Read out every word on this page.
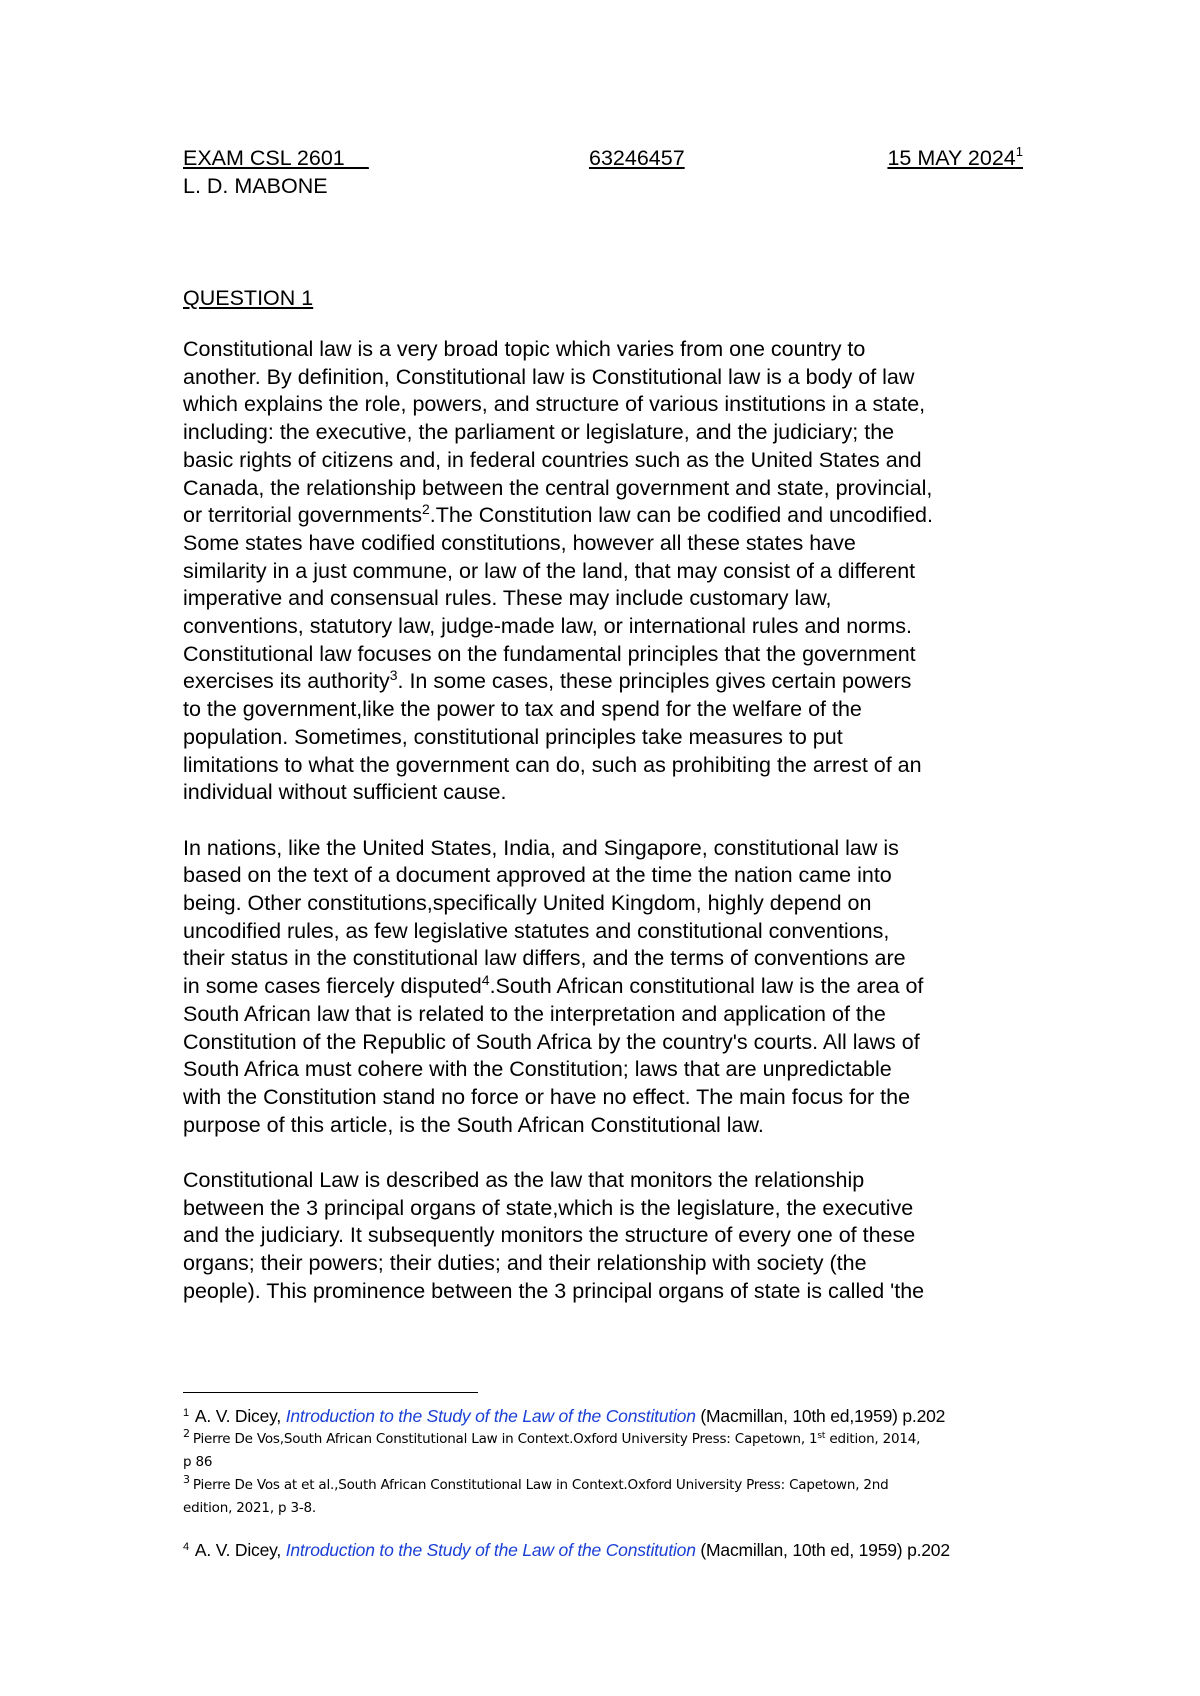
EXAM CSL 2601__	63246457	15 MAY 2024$^1$
L. D. MABONE
QUESTION 1

Constitutional law is a very broad topic which varies from one country to
another. By definition, Constitutional law is Constitutional law is a body of law
which explains the role, powers, and structure of various institutions in a state,
including: the executive, the parliament or legislature, and the judiciary; the
basic rights of citizens and, in federal countries such as the United States and
Canada, the relationship between the central government and state, provincial,
or territorial governments$^2$.The Constitution law can be codified and uncodified.
Some states have codified constitutions, however all these states have
similarity in a just commune, or law of the land, that may consist of a different
imperative and consensual rules. These may include customary law,
conventions, statutory law, judge-made law, or international rules and norms.
Constitutional law focuses on the fundamental principles that the government
exercises its authority$^3$. In some cases, these principles gives certain powers
to the government,like the power to tax and spend for the welfare of the
population. Sometimes, constitutional principles take measures to put
limitations to what the government can do, such as prohibiting the arrest of an
individual without sufficient cause.

In nations, like the United States, India, and Singapore, constitutional law is
based on the text of a document approved at the time the nation came into
being. Other constitutions,specifically United Kingdom, highly depend on
uncodified rules, as few legislative statutes and constitutional conventions,
their status in the constitutional law differs, and the terms of conventions are
in some cases fiercely disputed$^4$.South African constitutional law is the area of
South African law that is related to the interpretation and application of the
Constitution of the Republic of South Africa by the country's courts. All laws of
South Africa must cohere with the Constitution; laws that are unpredictable
with the Constitution stand no force or have no effect. The main focus for the
purpose of this article, is the South African Constitutional law.

Constitutional Law is described as the law that monitors the relationship
between the 3 principal organs of state,which is the legislature, the executive
and the judiciary. It subsequently monitors the structure of every one of these
organs; their powers; their duties; and their relationship with society (the
people). This prominence between the 3 principal organs of state is called 'the

$^1$ A. V. Dicey, Introduction to the Study of the Law of the Constitution (Macmillan, 10th ed,1959) p.202
$^2$ Pierre De Vos,South African Constitutional Law in Context.Oxford University Press: Capetown, 1st edition, 2014,
p 86
$^3$ Pierre De Vos at et al.,South African Constitutional Law in Context.Oxford University Press: Capetown, 2nd
edition, 2021, p 3-8.
$^4$ A. V. Dicey, Introduction to the Study of the Law of the Constitution (Macmillan, 10th ed, 1959) p.202
